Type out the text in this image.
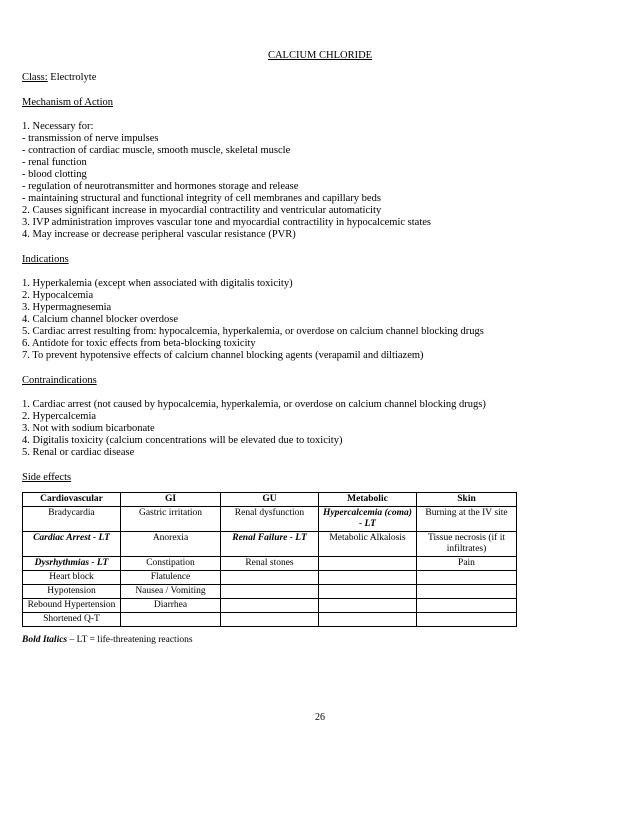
CALCIUM CHLORIDE
Class: Electrolyte
Mechanism of Action
1. Necessary for:
- transmission of nerve impulses
- contraction of cardiac muscle, smooth muscle, skeletal muscle
- renal function
- blood clotting
- regulation of neurotransmitter and hormones storage and release
- maintaining structural and functional integrity of cell membranes and capillary beds
2. Causes significant increase in myocardial contractility and ventricular automaticity
3. IVP administration improves vascular tone and myocardial contractility in hypocalcemic states
4. May increase or decrease peripheral vascular resistance (PVR)
Indications
1. Hyperkalemia (except when associated with digitalis toxicity)
2. Hypocalcemia
3. Hypermagnesemia
4. Calcium channel blocker overdose
5. Cardiac arrest resulting from: hypocalcemia, hyperkalemia, or overdose on calcium channel blocking drugs
6. Antidote for toxic effects from beta-blocking toxicity
7. To prevent hypotensive effects of calcium channel blocking agents (verapamil and diltiazem)
Contraindications
1. Cardiac arrest (not caused by hypocalcemia, hyperkalemia, or overdose on calcium channel blocking drugs)
2. Hypercalcemia
3. Not with sodium bicarbonate
4. Digitalis toxicity (calcium concentrations will be elevated due to toxicity)
5. Renal or cardiac disease
Side effects
Cardiovascular	GI	GU	Metabolic	Skin
Bradycardia	Gastric irritation	Renal dysfunction	Hypercalcemia (coma) - LT	Burning at the IV site
Cardiac Arrest - LT	Anorexia	Renal Failure - LT	Metabolic Alkalosis	Tissue necrosis (if it infiltrates)
Dysrhythmias - LT	Constipation	Renal stones		Pain
Heart block	Flatulence			
Hypotension	Nausea / Vomiting			
Rebound Hypertension	Diarrhea			
Shortened Q-T				
Bold Italics – LT = life-threatening reactions
26
